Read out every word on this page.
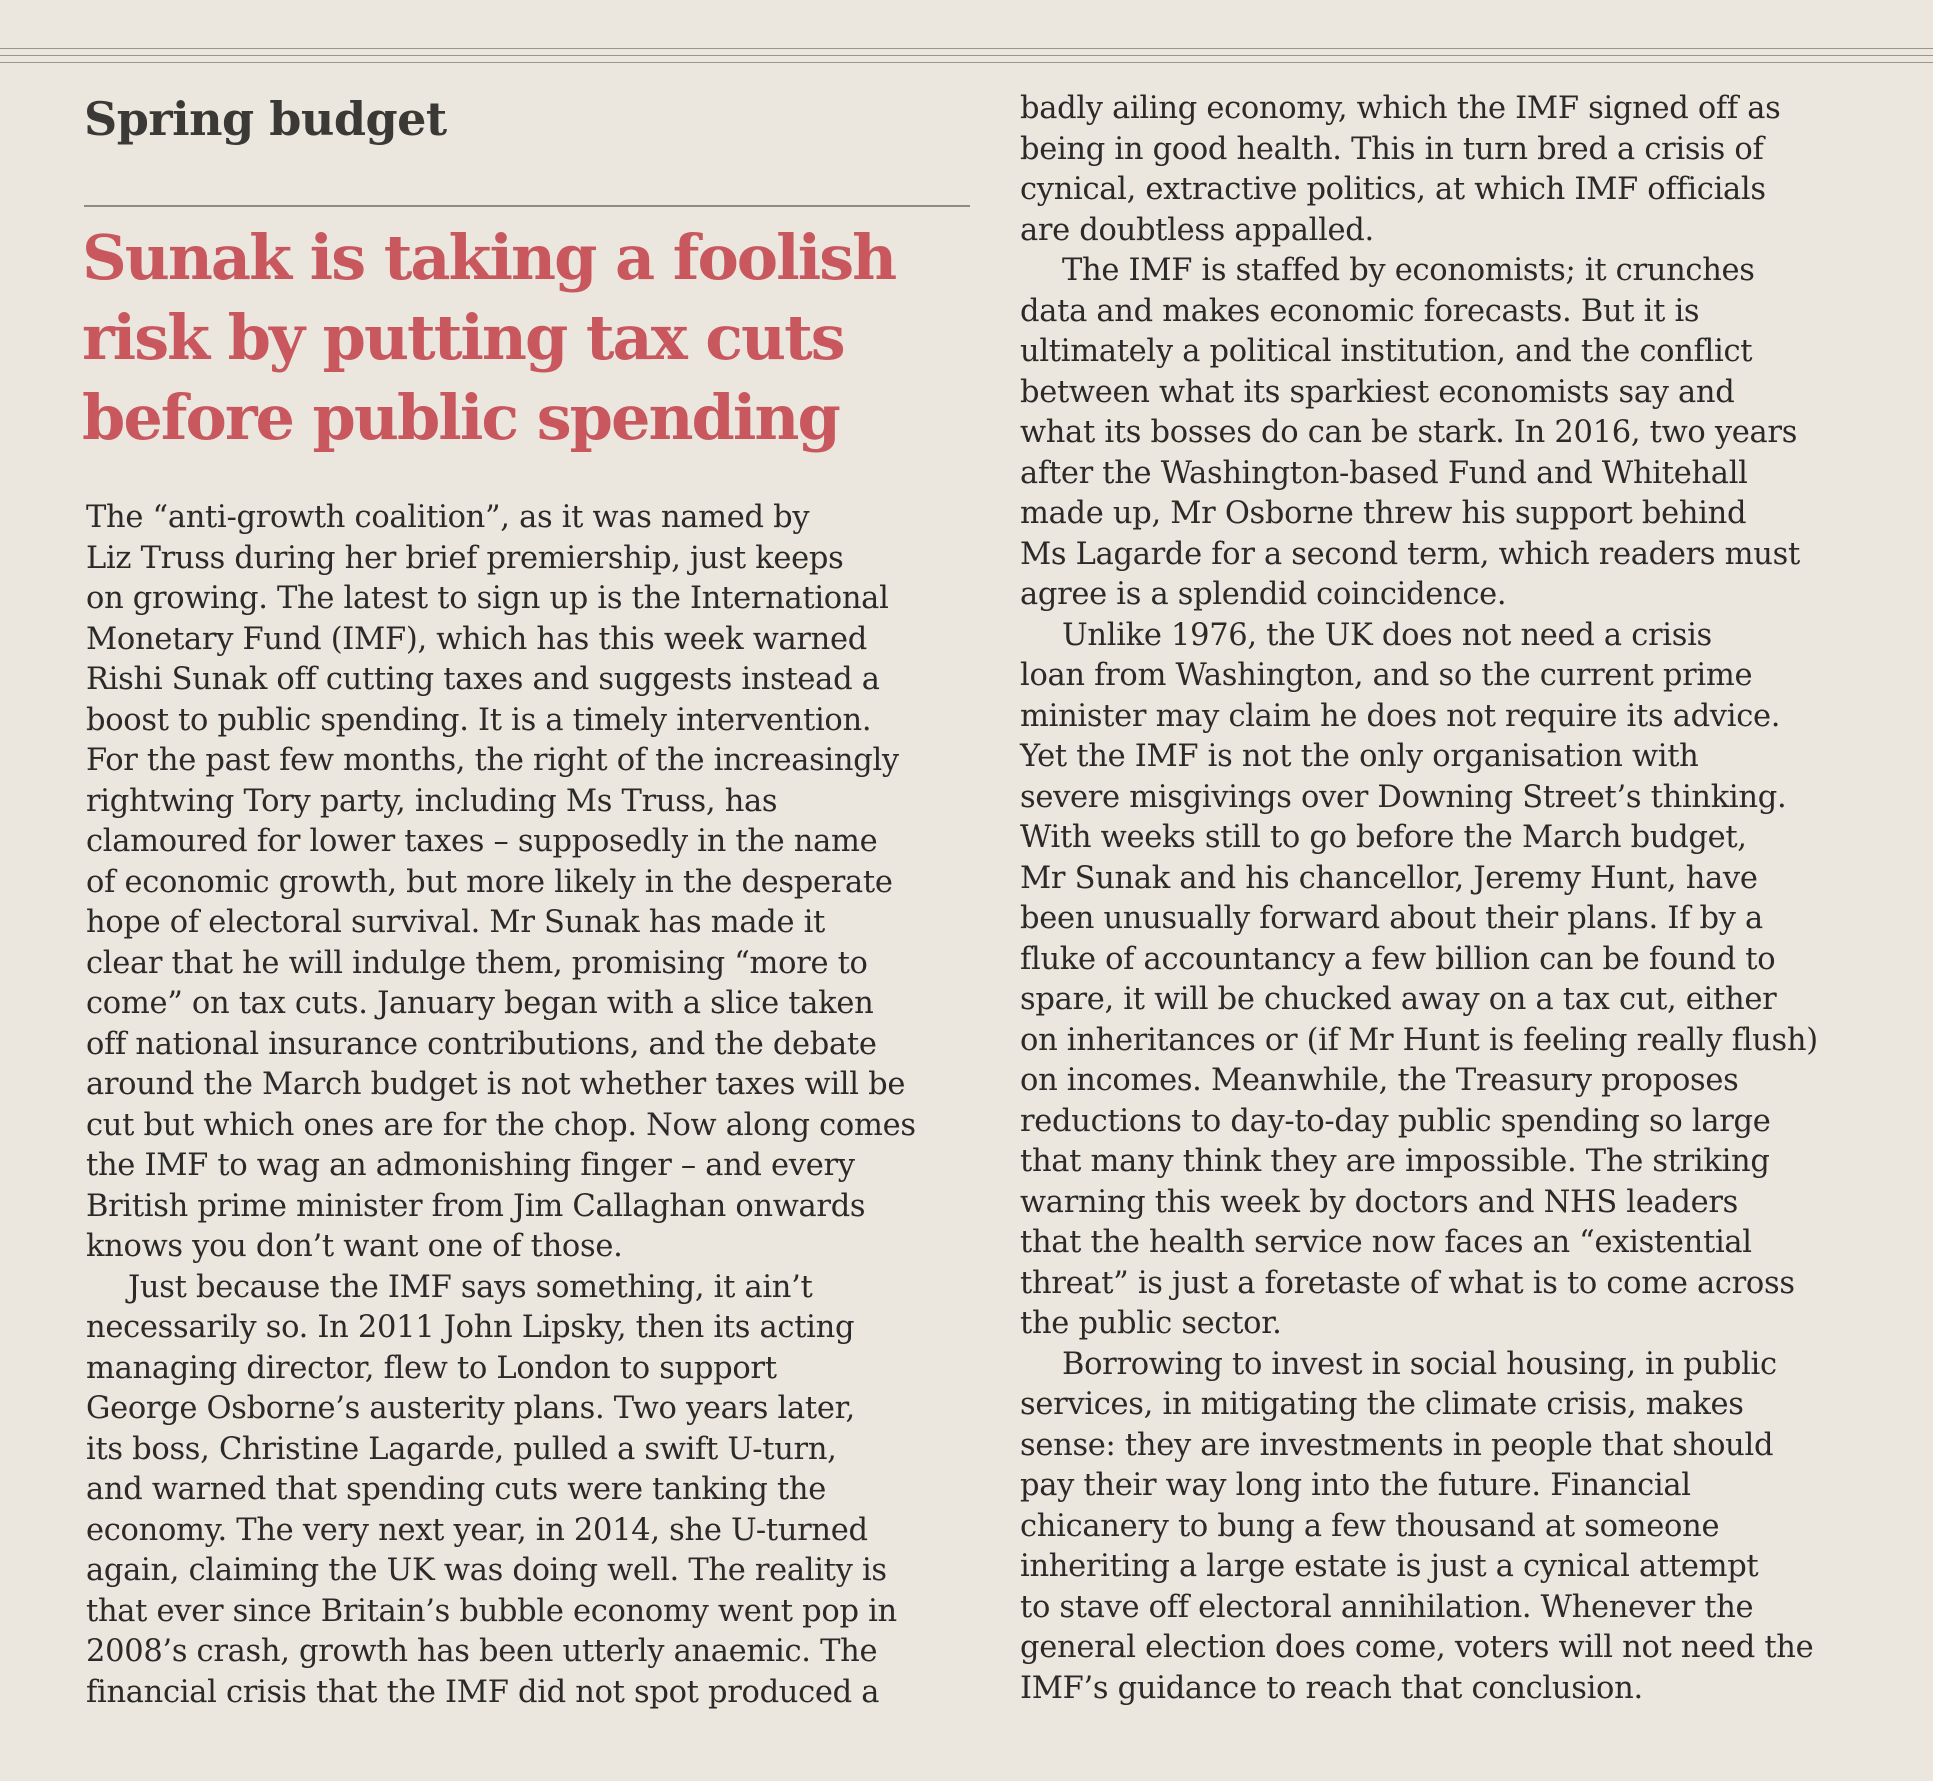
Spring budget
Sunak is taking a foolish
risk by putting tax cuts
before public spending
The “anti-growth coalition”, as it was named by
Liz Truss during her brief premiership, just keeps
on growing. The latest to sign up is the International
Monetary Fund (IMF), which has this week warned
Rishi Sunak off cutting taxes and suggests instead a
boost to public spending. It is a timely intervention.
For the past few months, the right of the increasingly
rightwing Tory party, including Ms Truss, has
clamoured for lower taxes – supposedly in the name
of economic growth, but more likely in the desperate
hope of electoral survival. Mr Sunak has made it
clear that he will indulge them, promising “more to
come” on tax cuts. January began with a slice taken
off national insurance contributions, and the debate
around the March budget is not whether taxes will be
cut but which ones are for the chop. Now along comes
the IMF to wag an admonishing finger – and every
British prime minister from Jim Callaghan onwards
knows you don’t want one of those.
Just because the IMF says something, it ain’t
necessarily so. In 2011 John Lipsky, then its acting
managing director, flew to London to support
George Osborne’s austerity plans. Two years later,
its boss, Christine Lagarde, pulled a swift U-turn,
and warned that spending cuts were tanking the
economy. The very next year, in 2014, she U-turned
again, claiming the UK was doing well. The reality is
that ever since Britain’s bubble economy went pop in
2008’s crash, growth has been utterly anaemic. The
financial crisis that the IMF did not spot produced a
badly ailing economy, which the IMF signed off as
being in good health. This in turn bred a crisis of
cynical, extractive politics, at which IMF officials
are doubtless appalled.
The IMF is staffed by economists; it crunches
data and makes economic forecasts. But it is
ultimately a political institution, and the conflict
between what its sparkiest economists say and
what its bosses do can be stark. In 2016, two years
after the Washington-based Fund and Whitehall
made up, Mr Osborne threw his support behind
Ms Lagarde for a second term, which readers must
agree is a splendid coincidence.
Unlike 1976, the UK does not need a crisis
loan from Washington, and so the current prime
minister may claim he does not require its advice.
Yet the IMF is not the only organisation with
severe misgivings over Downing Street’s thinking.
With weeks still to go before the March budget,
Mr Sunak and his chancellor, Jeremy Hunt, have
been unusually forward about their plans. If by a
fluke of accountancy a few billion can be found to
spare, it will be chucked away on a tax cut, either
on inheritances or (if Mr Hunt is feeling really flush)
on incomes. Meanwhile, the Treasury proposes
reductions to day-to-day public spending so large
that many think they are impossible. The striking
warning this week by doctors and NHS leaders
that the health service now faces an “existential
threat” is just a foretaste of what is to come across
the public sector.
Borrowing to invest in social housing, in public
services, in mitigating the climate crisis, makes
sense: they are investments in people that should
pay their way long into the future. Financial
chicanery to bung a few thousand at someone
inheriting a large estate is just a cynical attempt
to stave off electoral annihilation. Whenever the
general election does come, voters will not need the
IMF’s guidance to reach that conclusion.
